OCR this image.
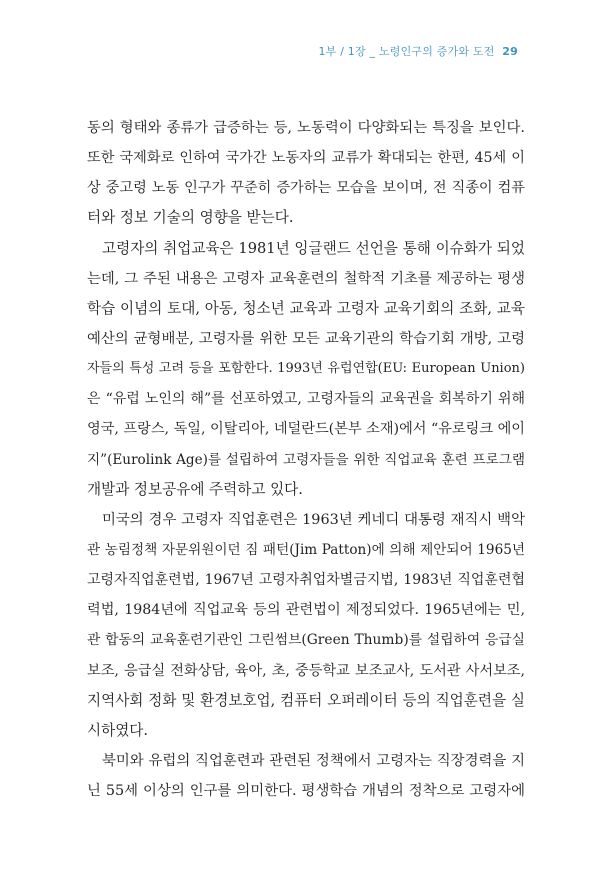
1부 / 1장 _ 노령인구의 증가와 도전 29
동의 형태와 종류가 급증하는 등, 노동력이 다양화되는 특징을 보인다.
또한 국제화로 인하여 국가간 노동자의 교류가 확대되는 한편, 45세 이
상 중고령 노동 인구가 꾸준히 증가하는 모습을 보이며, 전 직종이 컴퓨
터와 정보 기술의 영향을 받는다.
고령자의 취업교육은 1981년 잉글랜드 선언을 통해 이슈화가 되었
는데, 그 주된 내용은 고령자 교육훈련의 철학적 기초를 제공하는 평생
학습 이념의 토대, 아동, 청소년 교육과 고령자 교육기회의 조화, 교육
예산의 균형배분, 고령자를 위한 모든 교육기관의 학습기회 개방, 고령
자들의 특성 고려 등을 포함한다. 1993년 유럽연합(EU: European Union)
은 “유럽 노인의 해”를 선포하였고, 고령자들의 교육권을 회복하기 위해
영국, 프랑스, 독일, 이탈리아, 네덜란드(본부 소재)에서 “유로링크 에이
지”(Eurolink Age)를 설립하여 고령자들을 위한 직업교육 훈련 프로그램
개발과 정보공유에 주력하고 있다.
미국의 경우 고령자 직업훈련은 1963년 케네디 대통령 재직시 백악
관 농림정책 자문위원이던 짐 패턴(Jim Patton)에 의해 제안되어 1965년
고령자직업훈련법, 1967년 고령자취업차별금지법, 1983년 직업훈련협
력법, 1984년에 직업교육 등의 관련법이 제정되었다. 1965년에는 민,
관 합동의 교육훈련기관인 그린썸브(Green Thumb)를 설립하여 응급실
보조, 응급실 전화상담, 육아, 초, 중등학교 보조교사, 도서관 사서보조,
지역사회 정화 및 환경보호업, 컴퓨터 오퍼레이터 등의 직업훈련을 실
시하였다.
북미와 유럽의 직업훈련과 관련된 정책에서 고령자는 직장경력을 지
닌 55세 이상의 인구를 의미한다. 평생학습 개념의 정착으로 고령자에
